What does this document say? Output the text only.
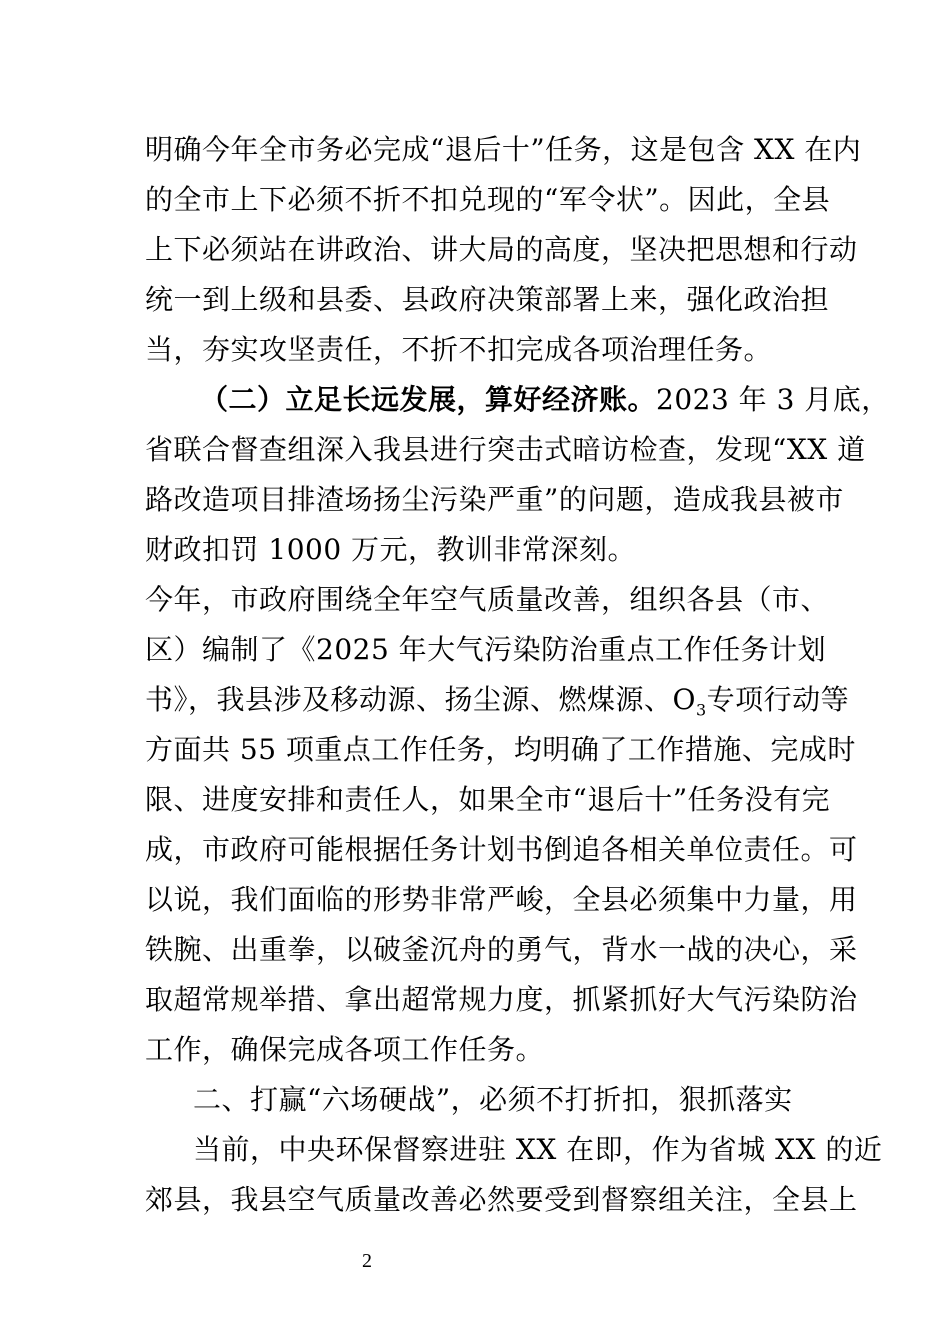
明确今年全市务必完成“退后十”任务，这是包含 XX 在内
的全市上下必须不折不扣兑现的“军令状”。因此，全县
上下必须站在讲政治、讲大局的高度，坚决把思想和行动
统一到上级和县委、县政府决策部署上来，强化政治担
当，夯实攻坚责任，不折不扣完成各项治理任务。
（二）立足长远发展，算好经济账。2023 年 3 月底，
省联合督查组深入我县进行突击式暗访检查，发现“XX 道
路改造项目排渣场扬尘污染严重”的问题，造成我县被市
财政扣罚 1000 万元，教训非常深刻。
今年，市政府围绕全年空气质量改善，组织各县（市、
区）编制了《2025 年大气污染防治重点工作任务计划
书》，我县涉及移动源、扬尘源、燃煤源、$O_3$专项行动等
方面共 55 项重点工作任务，均明确了工作措施、完成时
限、进度安排和责任人，如果全市“退后十”任务没有完
成，市政府可能根据任务计划书倒追各相关单位责任。可
以说，我们面临的形势非常严峻，全县必须集中力量，用
铁腕、出重拳，以破釜沉舟的勇气，背水一战的决心，采
取超常规举措、拿出超常规力度，抓紧抓好大气污染防治
工作，确保完成各项工作任务。
二、打赢“六场硬战”，必须不打折扣，狠抓落实
当前，中央环保督察进驻 XX 在即，作为省城 XX 的近
郊县，我县空气质量改善必然要受到督察组关注，全县上
2
